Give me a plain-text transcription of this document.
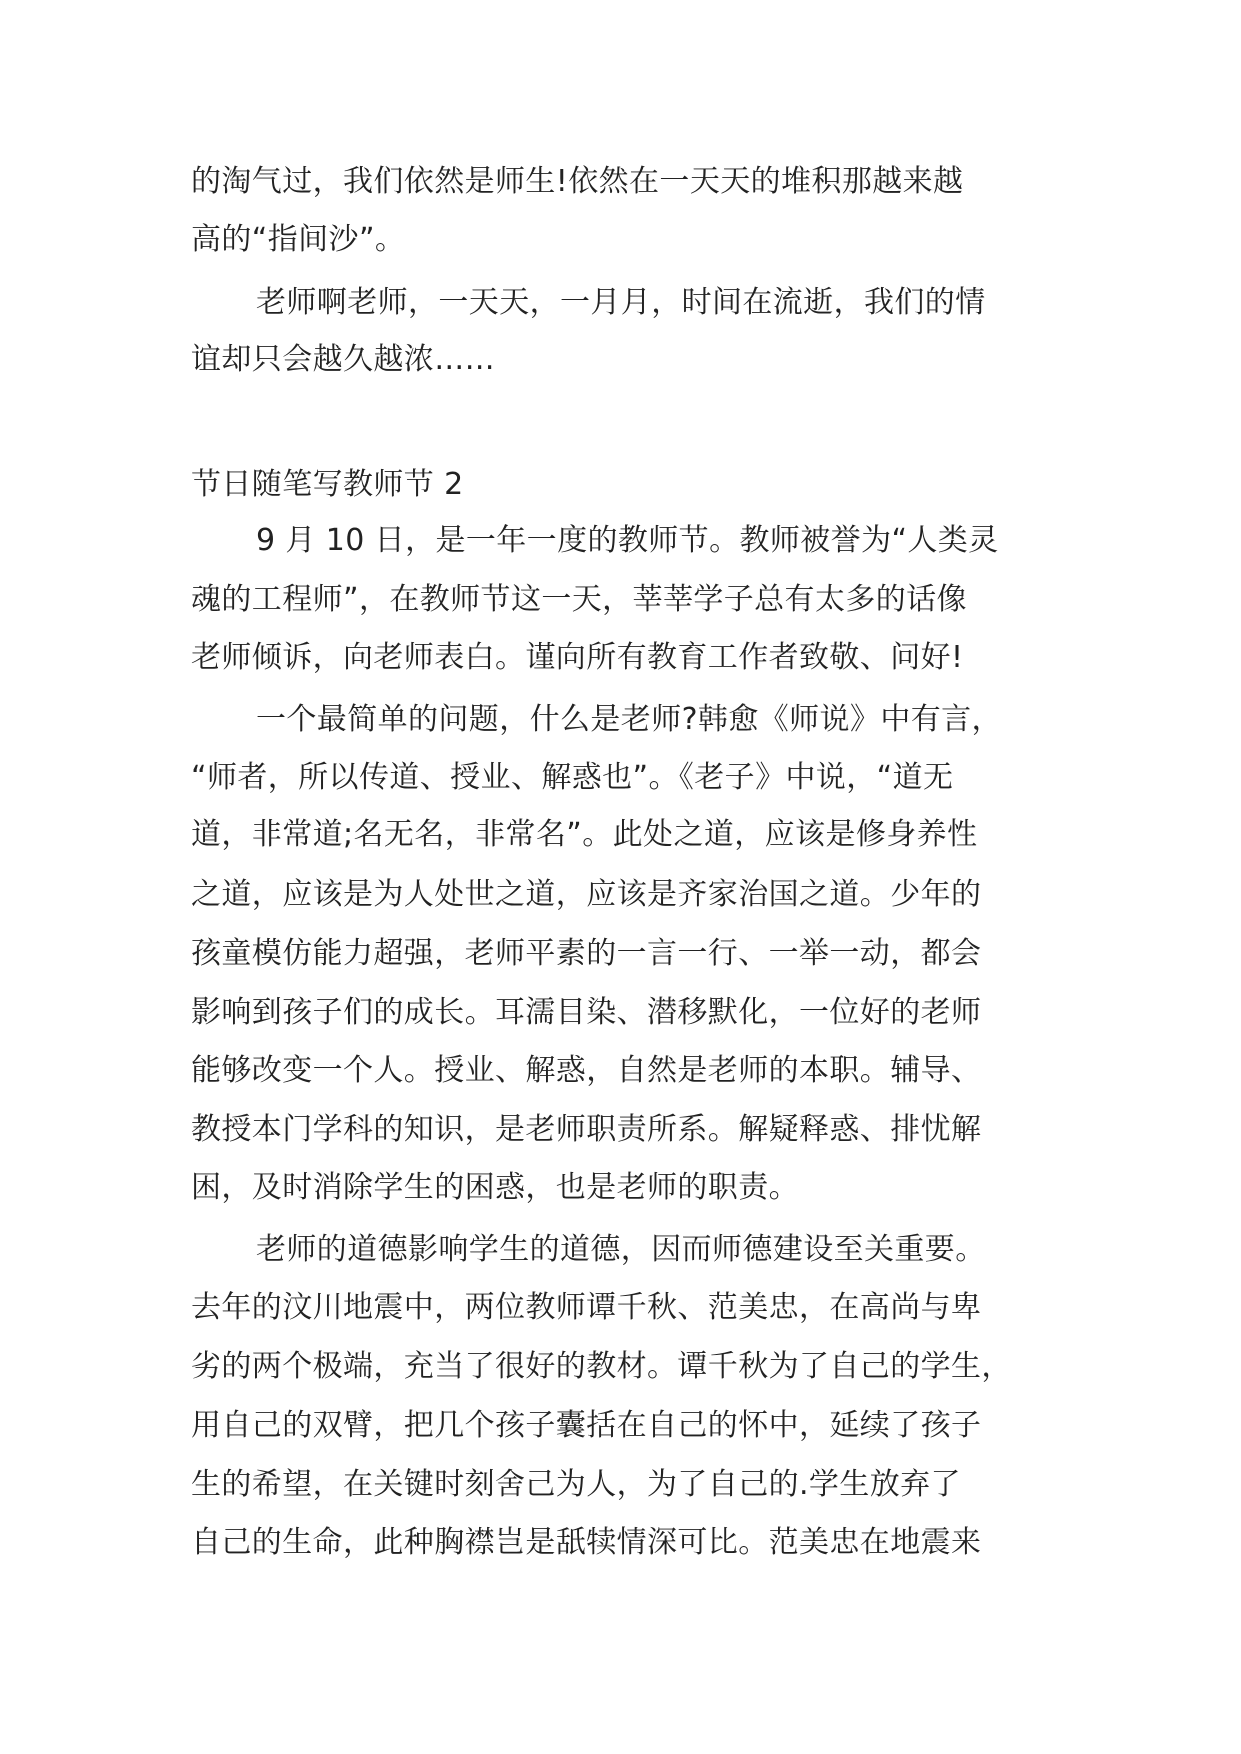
的淘气过，我们依然是师生!依然在一天天的堆积那越来越
高的“指间沙”。
老师啊老师，一天天，一月月，时间在流逝，我们的情
谊却只会越久越浓……
节日随笔写教师节 2
9 月 10 日，是一年一度的教师节。教师被誉为“人类灵
魂的工程师”，在教师节这一天，莘莘学子总有太多的话像
老师倾诉，向老师表白。谨向所有教育工作者致敬、问好!
一个最简单的问题，什么是老师?韩愈《师说》中有言，
“师者，所以传道、授业、解惑也”。《老子》中说，“道无
道，非常道;名无名，非常名”。此处之道，应该是修身养性
之道，应该是为人处世之道，应该是齐家治国之道。少年的
孩童模仿能力超强，老师平素的一言一行、一举一动，都会
影响到孩子们的成长。耳濡目染、潜移默化，一位好的老师
能够改变一个人。授业、解惑，自然是老师的本职。辅导、
教授本门学科的知识，是老师职责所系。解疑释惑、排忧解
困，及时消除学生的困惑，也是老师的职责。
老师的道德影响学生的道德，因而师德建设至关重要。
去年的汶川地震中，两位教师谭千秋、范美忠，在高尚与卑
劣的两个极端，充当了很好的教材。谭千秋为了自己的学生，
用自己的双臂，把几个孩子囊括在自己的怀中，延续了孩子
生的希望，在关键时刻舍己为人，为了自己的.学生放弃了
自己的生命，此种胸襟岂是舐犊情深可比。范美忠在地震来
